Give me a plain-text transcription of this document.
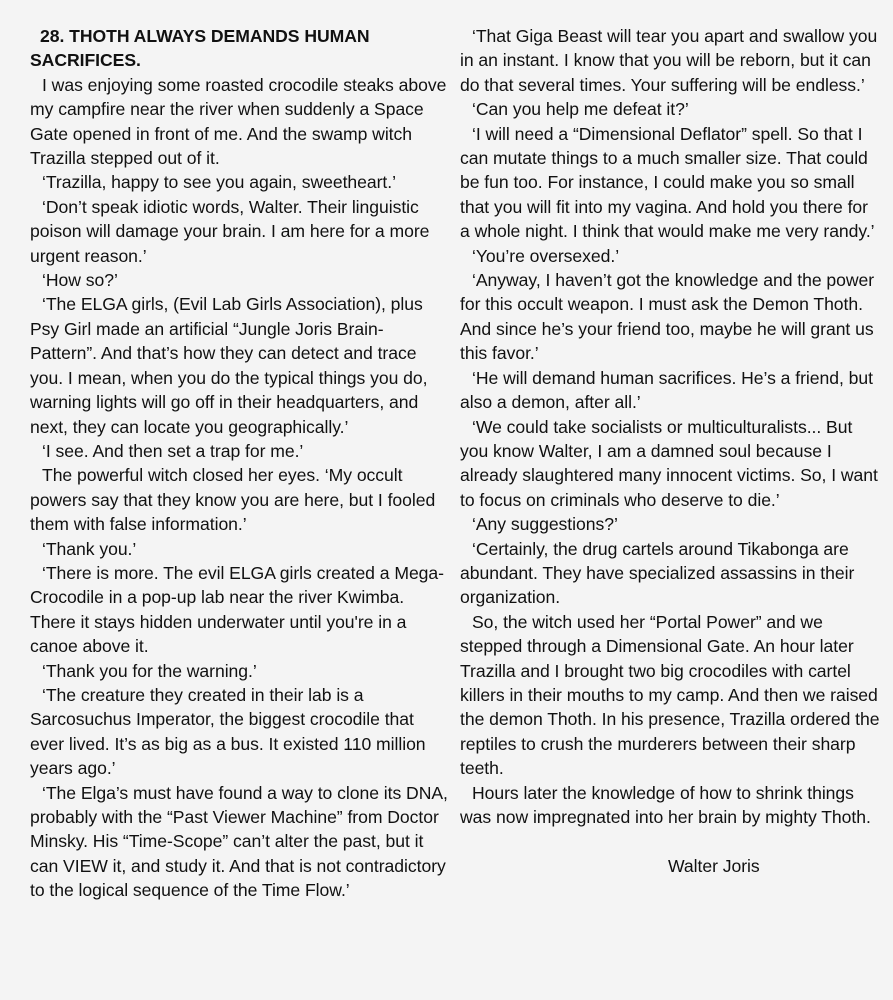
28. THOTH ALWAYS DEMANDS HUMAN SACRIFICES.

I was enjoying some roasted crocodile steaks above my campfire near the river when suddenly a Space Gate opened in front of me. And the swamp witch Trazilla stepped out of it.

‘Trazilla, happy to see you again, sweetheart.’

‘Don’t speak idiotic words, Walter. Their linguistic poison will damage your brain. I am here for a more urgent reason.’

‘How so?’

‘The ELGA girls, (Evil Lab Girls Association), plus Psy Girl made an artificial “Jungle Joris Brain-Pattern”. And that’s how they can detect and trace you. I mean, when you do the typical things you do, warning lights will go off in their headquarters, and next, they can locate you geographically.’

‘I see. And then set a trap for me.’

The powerful witch closed her eyes. ‘My occult powers say that they know you are here, but I fooled them with false information.’

‘Thank you.’

‘There is more. The evil ELGA girls created a Mega-Crocodile in a pop-up lab near the river Kwimba. There it stays hidden underwater until you're in a canoe above it.

‘Thank you for the warning.’

‘The creature they created in their lab is a Sarcosuchus Imperator, the biggest crocodile that ever lived. It’s as big as a bus. It existed 110 million years ago.’

‘The Elga’s must have found a way to clone its DNA, probably with the “Past Viewer Machine” from Doctor Minsky. His “Time-Scope” can’t alter the past, but it can VIEW it, and study it. And that is not contradictory to the logical sequence of the Time Flow.’

‘That Giga Beast will tear you apart and swallow you in an instant. I know that you will be reborn, but it can do that several times. Your suffering will be endless.’

‘Can you help me defeat it?’

‘I will need a “Dimensional Deflator” spell. So that I can mutate things to a much smaller size. That could be fun too. For instance, I could make you so small that you will fit into my vagina. And hold you there for a whole night. I think that would make me very randy.’

‘You’re oversexed.’

‘Anyway, I haven’t got the knowledge and the power for this occult weapon. I must ask the Demon Thoth. And since he’s your friend too, maybe he will grant us this favor.’

‘He will demand human sacrifices. He’s a friend, but also a demon, after all.’

‘We could take socialists or multiculturalists... But you know Walter, I am a damned soul because I already slaughtered many innocent victims. So, I want to focus on criminals who deserve to die.’

‘Any suggestions?’

‘Certainly, the drug cartels around Tikabonga are abundant. They have specialized assassins in their organization.

So, the witch used her “Portal Power” and we stepped through a Dimensional Gate. An hour later Trazilla and I brought two big crocodiles with cartel killers in their mouths to my camp. And then we raised the demon Thoth. In his presence, Trazilla ordered the reptiles to crush the murderers between their sharp teeth.

Hours later the knowledge of how to shrink things was now impregnated into her brain by mighty Thoth.

Walter Joris
